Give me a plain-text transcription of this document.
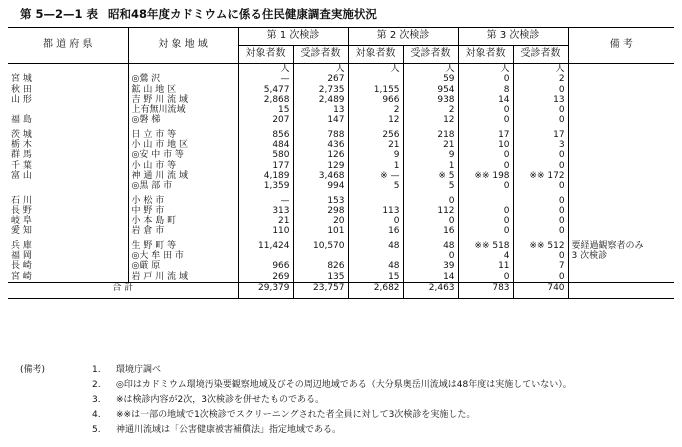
第 5—2—1 表 昭和48年度カドミウムに係る住民健康調査実施状況
都 道 府 県	対 象 地 域	第 1 次検診		第 2 次検診		第 3 次検診		備 考
		対象者数	受診者数	対象者数	受診者数	対象者数	受診者数	
		人	人	人	人	人	人	
宮 城	◎鶯 沢	—	267		59	0	2	
秋 田	鉱 山 地 区	5,477	2,735	1,155	954	8	0	
山 形	吉 野 川 流 域	2,868	2,489	966	938	14	13	
	上有無川流域	15	13	2	2	0	0	
福 島	◎磐 梯	207	147	12	12	0	0	

茨 城	日 立 市 等	856	788	256	218	17	17	
栃 木	小 山 市 地 区	484	436	21	21	10	3	
群 馬	◎安 中 市 等	580	126	9	9	0	0	
千 葉	小 山 市 等	177	129	1	1	0	0	
富 山	神 通 川 流 域	4,189	3,468	※ —	※ 5	※※ 198	※※ 172	
	◎黒 部 市	1,359	994	5	5	0	0	

石 川	小 松 市	—	153		0		0	
長 野	中 野 市	313	298	113	112	0	0	
岐 阜	小 本 島 町	21	20	0	0	0	0	
愛 知	岩 倉 市	110	101	16	16	0	0	

兵 庫	生 野 町 等	11,424	10,570	48	48	※※ 518	※※ 512	要経過観察者のみ
福 岡	◎大 牟 田 市				0	4	0	3 次検診
長 崎	◎厳 原	966	826	48	39	11	7	
宮 崎	岩 戸 川 流 域	269	135	15	14	0	0	
合 計		29,379	23,757	2,682	2,463	783	740	
(備考)	1.	環境庁調べ
2.	◎印はカドミウム環境汚染要観察地域及びその周辺地域である（大分県奥岳川流域は48年度は実施していない）。
3.	※は検診内容が2次，3次検診を併せたものである。
4.	※※は一部の地域で1次検診でスクリーニングされた者全員に対して3次検診を実施した。
5.	神通川流域は「公害健康被害補償法」指定地域である。
